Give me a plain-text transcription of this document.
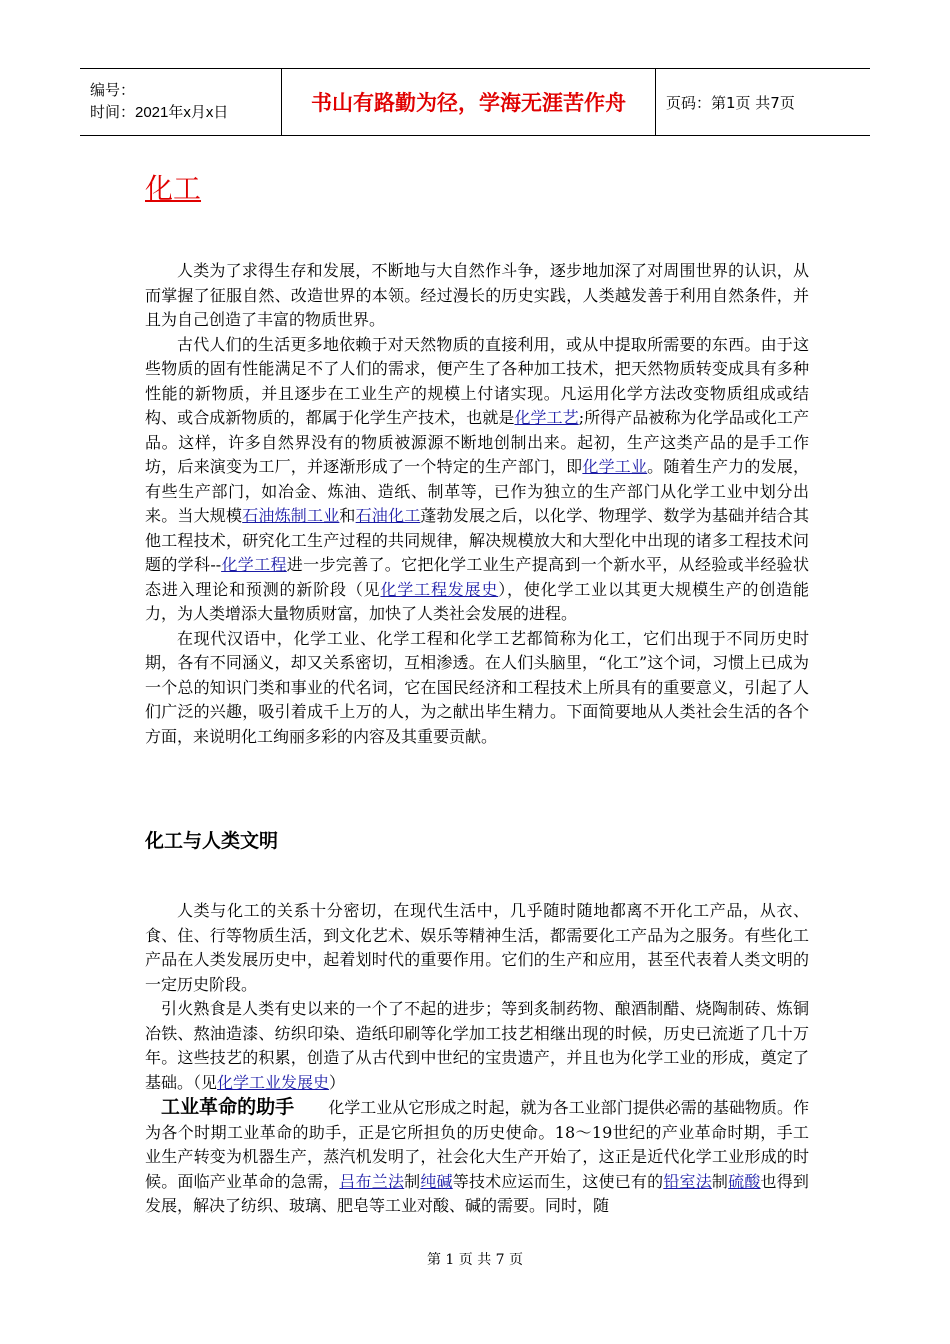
编号：
时间：2021年x月x日	书山有路勤为径，学海无涯苦作舟	页码：第1页 共7页
化工

人类为了求得生存和发展，不断地与大自然作斗争，逐步地加深了对周围世界的认识，从而掌握了征服自然、改造世界的本领。经过漫长的历史实践，人类越发善于利用自然条件，并且为自己创造了丰富的物质世界。

古代人们的生活更多地依赖于对天然物质的直接利用，或从中提取所需要的东西。由于这些物质的固有性能满足不了人们的需求，便产生了各种加工技术，把天然物质转变成具有多种性能的新物质，并且逐步在工业生产的规模上付诸实现。凡运用化学方法改变物质组成或结构、或合成新物质的，都属于化学生产技术，也就是化学工艺;所得产品被称为化学品或化工产品。这样，许多自然界没有的物质被源源不断地创制出来。起初，生产这类产品的是手工作坊，后来演变为工厂，并逐渐形成了一个特定的生产部门，即化学工业。随着生产力的发展，有些生产部门，如冶金、炼油、造纸、制革等，已作为独立的生产部门从化学工业中划分出来。当大规模石油炼制工业和石油化工蓬勃发展之后，以化学、物理学、数学为基础并结合其他工程技术，研究化工生产过程的共同规律，解决规模放大和大型化中出现的诸多工程技术问题的学科--化学工程进一步完善了。它把化学工业生产提高到一个新水平，从经验或半经验状态进入理论和预测的新阶段（见化学工程发展史），使化学工业以其更大规模生产的创造能力，为人类增添大量物质财富，加快了人类社会发展的进程。

在现代汉语中，化学工业、化学工程和化学工艺都简称为化工，它们出现于不同历史时期，各有不同涵义，却又关系密切，互相渗透。在人们头脑里，“化工”这个词，习惯上已成为一个总的知识门类和事业的代名词，它在国民经济和工程技术上所具有的重要意义，引起了人们广泛的兴趣，吸引着成千上万的人，为之献出毕生精力。下面简要地从人类社会生活的各个方面，来说明化工绚丽多彩的内容及其重要贡献。

化工与人类文明

人类与化工的关系十分密切，在现代生活中，几乎随时随地都离不开化工产品，从衣、食、住、行等物质生活，到文化艺术、娱乐等精神生活，都需要化工产品为之服务。有些化工产品在人类发展历史中，起着划时代的重要作用。它们的生产和应用，甚至代表着人类文明的一定历史阶段。

引火熟食是人类有史以来的一个了不起的进步；等到炙制药物、酿酒制醋、烧陶制砖、炼铜冶铁、熬油造漆、纺织印染、造纸印刷等化学加工技艺相继出现的时候，历史已流逝了几十万年。这些技艺的积累，创造了从古代到中世纪的宝贵遗产，并且也为化学工业的形成，奠定了基础。（见化学工业发展史）

工业革命的助手 化学工业从它形成之时起，就为各工业部门提供必需的基础物质。作为各个时期工业革命的助手，正是它所担负的历史使命。18～19世纪的产业革命时期，手工业生产转变为机器生产，蒸汽机发明了，社会化大生产开始了，这正是近代化学工业形成的时候。面临产业革命的急需，吕布兰法制纯碱等技术应运而生，这使已有的铅室法制硫酸也得到发展，解决了纺织、玻璃、肥皂等工业对酸、碱的需要。同时，随

第 1 页 共 7 页
